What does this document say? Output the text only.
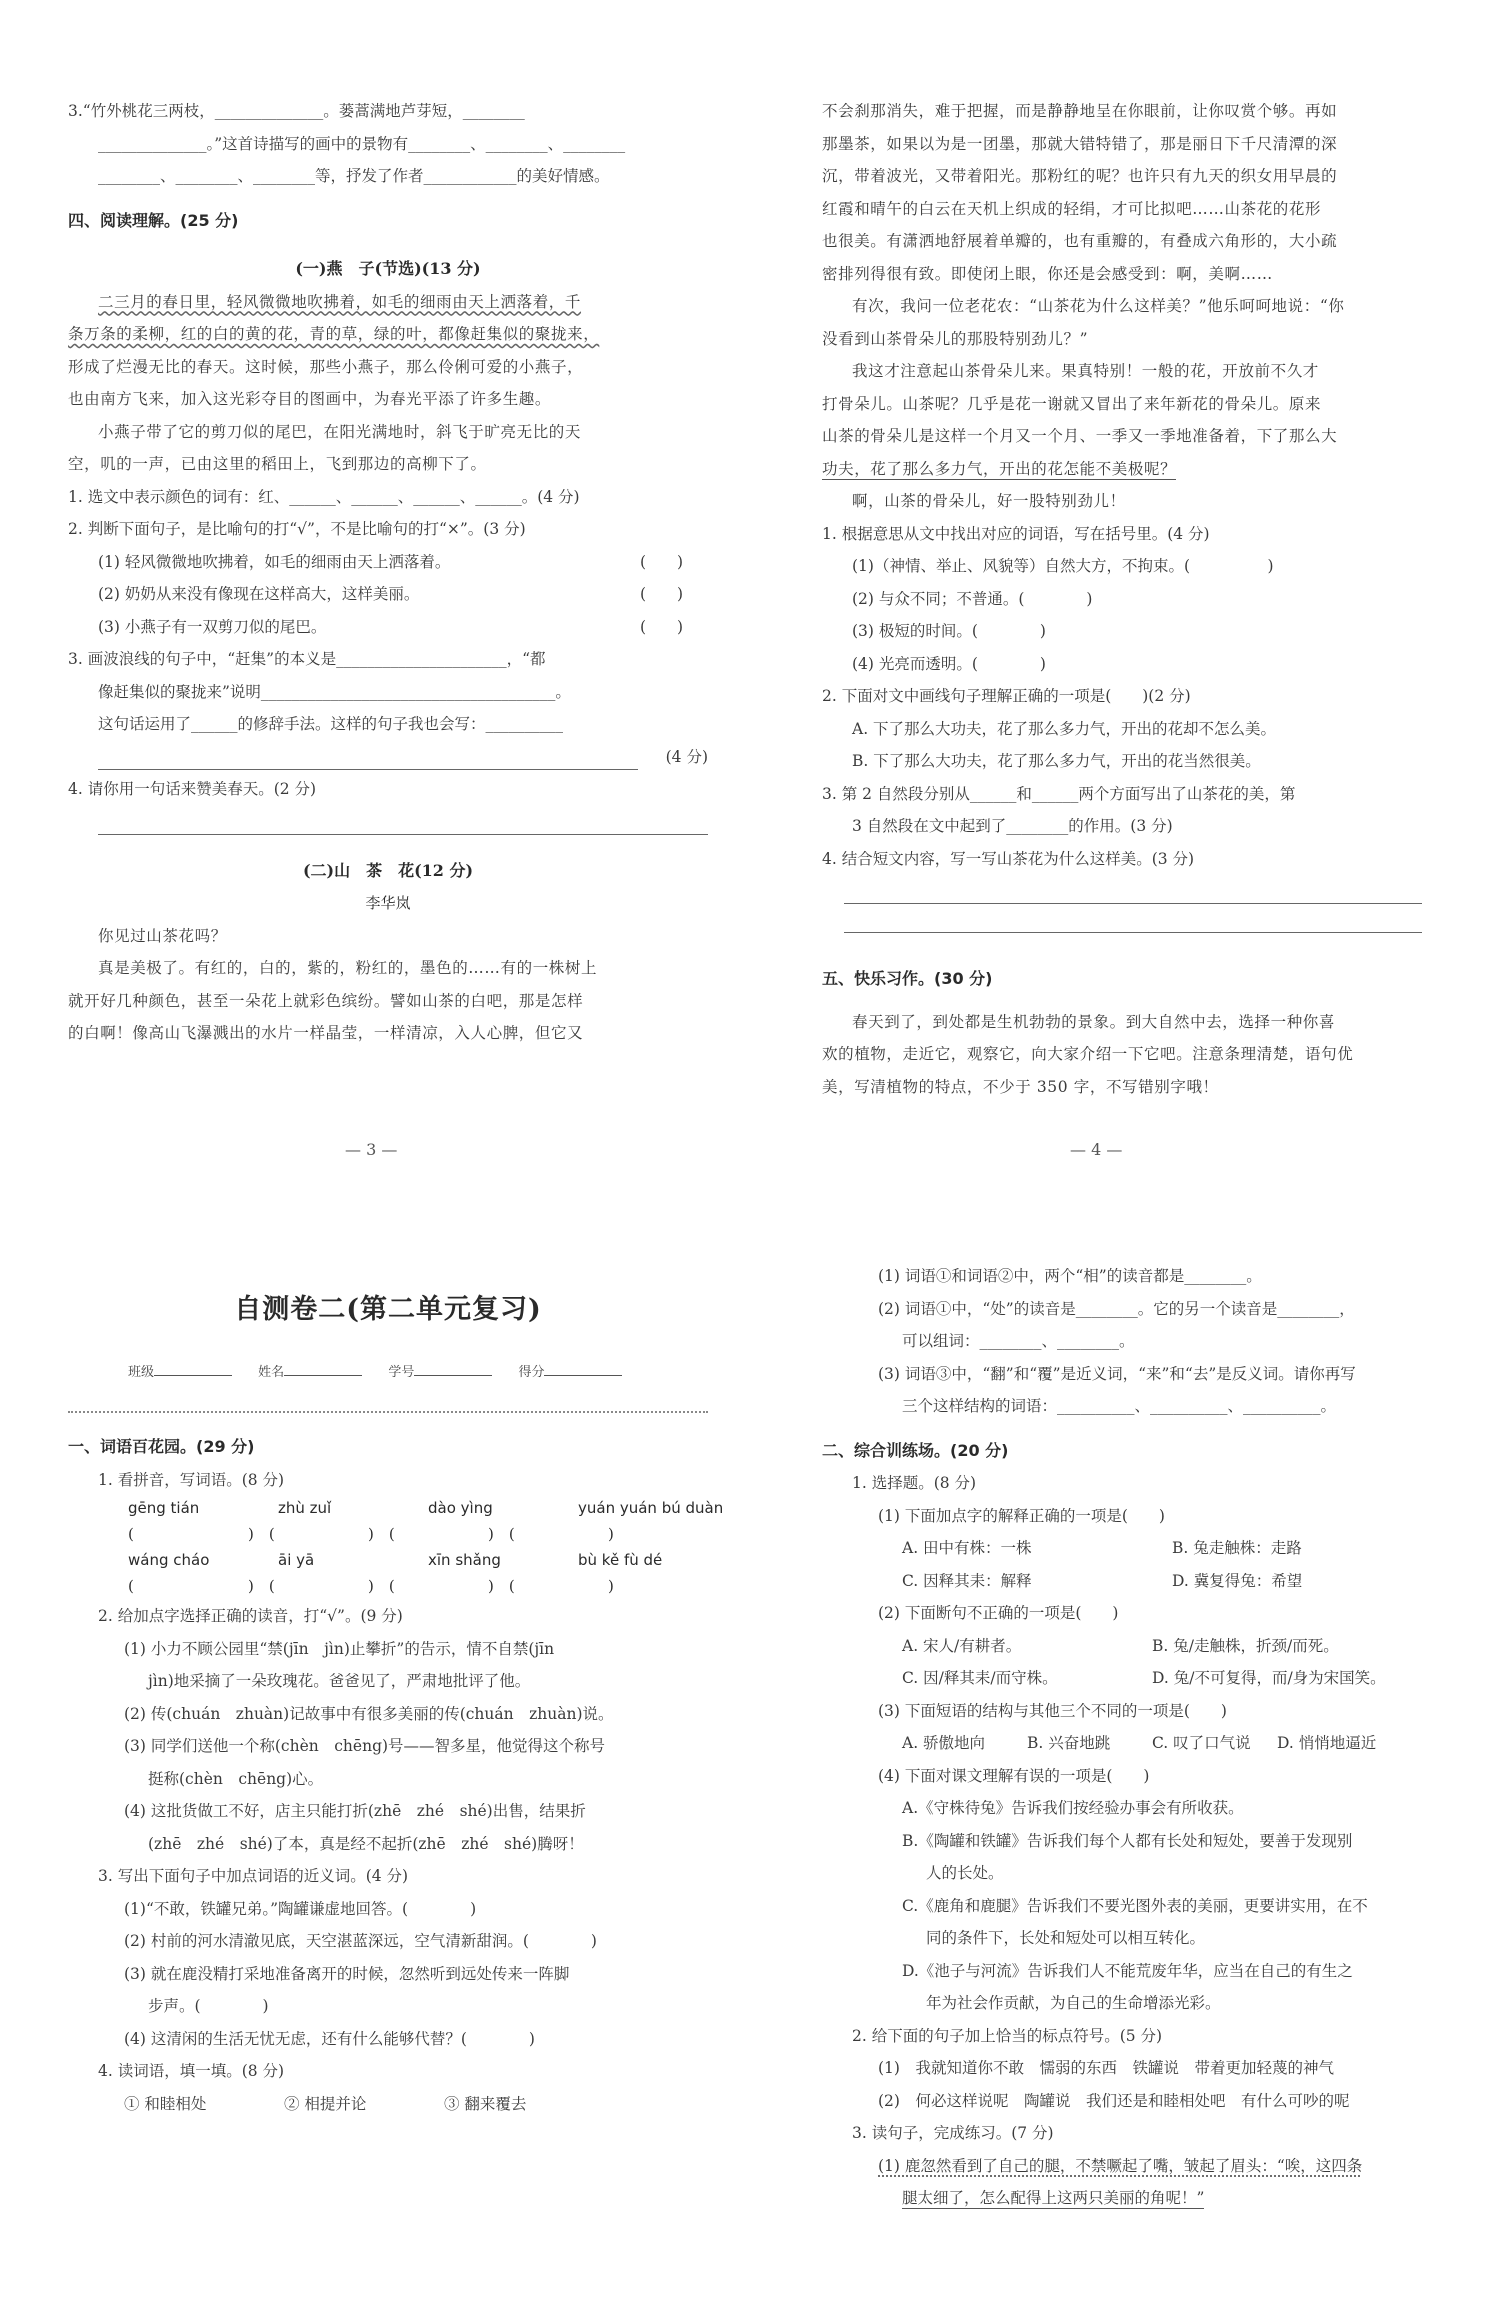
3.“竹外桃花三两枝，______________。蒌蒿满地芦芽短，________
______________。”这首诗描写的画中的景物有________、________、________
________、________、________等，抒发了作者____________的美好情感。
四、阅读理解。(25 分)
(一)燕　子(节选)(13 分)
二三月的春日里，轻风微微地吹拂着，如毛的细雨由天上洒落着，千
条万条的柔柳，红的白的黄的花，青的草，绿的叶，都像赶集似的聚拢来，
形成了烂漫无比的春天。这时候，那些小燕子，那么伶俐可爱的小燕子，
也由南方飞来，加入这光彩夺目的图画中，为春光平添了许多生趣。
小燕子带了它的剪刀似的尾巴，在阳光满地时，斜飞于旷亮无比的天
空，叽的一声，已由这里的稻田上，飞到那边的高柳下了。
1. 选文中表示颜色的词有：红、______、______、______、______。(4 分)
2. 判断下面句子，是比喻句的打“√”，不是比喻句的打“×”。(3 分)
(1) 轻风微微地吹拂着，如毛的细雨由天上洒落着。	(　　)
(2) 奶奶从来没有像现在这样高大，这样美丽。	(　　)
(3) 小燕子有一双剪刀似的尾巴。	(　　)
3. 画波浪线的句子中，“赶集”的本义是______________________，“都
像赶集似的聚拢来”说明______________________________________。
这句话运用了______的修辞手法。这样的句子我也会写：__________
(4 分)
4. 请你用一句话来赞美春天。(2 分)
(二)山　茶　花(12 分)
李华岚
你见过山茶花吗？
真是美极了。有红的，白的，紫的，粉红的，墨色的……有的一株树上
就开好几种颜色，甚至一朵花上就彩色缤纷。譬如山茶的白吧，那是怎样
的白啊！像高山飞瀑溅出的水片一样晶莹，一样清凉，入人心脾，但它又
— 3 —
不会刹那消失，难于把握，而是静静地呈在你眼前，让你叹赏个够。再如
那墨茶，如果以为是一团墨，那就大错特错了，那是丽日下千尺清潭的深
沉，带着波光，又带着阳光。那粉红的呢？也许只有九天的织女用早晨的
红霞和晴午的白云在天机上织成的轻绢，才可比拟吧……山茶花的花形
也很美。有潇洒地舒展着单瓣的，也有重瓣的，有叠成六角形的，大小疏
密排列得很有致。即使闭上眼，你还是会感受到：啊，美啊……
有次，我问一位老花农：“山茶花为什么这样美？”他乐呵呵地说：“你
没看到山茶骨朵儿的那股特别劲儿？”
我这才注意起山茶骨朵儿来。果真特别！一般的花，开放前不久才
打骨朵儿。山茶呢？几乎是花一谢就又冒出了来年新花的骨朵儿。原来
山茶的骨朵儿是这样一个月又一个月、一季又一季地准备着，下了那么大
功夫，花了那么多力气，开出的花怎能不美极呢？
啊，山茶的骨朵儿，好一股特别劲儿！
1. 根据意思从文中找出对应的词语，写在括号里。(4 分)
(1)（神情、举止、风貌等）自然大方，不拘束。(　　　　　)
(2) 与众不同；不普通。(　　　　)
(3) 极短的时间。(　　　　)
(4) 光亮而透明。(　　　　)
2. 下面对文中画线句子理解正确的一项是(　　)(2 分)
A. 下了那么大功夫，花了那么多力气，开出的花却不怎么美。
B. 下了那么大功夫，花了那么多力气，开出的花当然很美。
3. 第 2 自然段分别从______和______两个方面写出了山茶花的美，第
3 自然段在文中起到了________的作用。(3 分)
4. 结合短文内容，写一写山茶花为什么这样美。(3 分)
五、快乐习作。(30 分)
春天到了，到处都是生机勃勃的景象。到大自然中去，选择一种你喜
欢的植物，走近它，观察它，向大家介绍一下它吧。注意条理清楚，语句优
美，写清植物的特点，不少于 350 字，不写错别字哦！
— 4 —
自测卷二(第二单元复习)
班级	姓名	学号	得分
一、词语百花园。(29 分)
1. 看拼音，写词语。(8 分)
gēng tián	zhù zuǐ	dào yìng	yuán yuán bú duàn
(	)　(	)　(	)　(	)
wáng cháo	āi yā	xīn shǎng	bù kě fù dé
(	)　(	)　(	)　(	)
2. 给加点字选择正确的读音，打“√”。(9 分)
(1) 小力不顾公园里“禁(jīn　jìn)止攀折”的告示，情不自禁(jīn
jìn)地采摘了一朵玫瑰花。爸爸见了，严肃地批评了他。
(2) 传(chuán　zhuàn)记故事中有很多美丽的传(chuán　zhuàn)说。
(3) 同学们送他一个称(chèn　chēng)号——智多星，他觉得这个称号
挺称(chèn　chēng)心。
(4) 这批货做工不好，店主只能打折(zhē　zhé　shé)出售，结果折
(zhē　zhé　shé)了本，真是经不起折(zhē　zhé　shé)腾呀！
3. 写出下面句子中加点词语的近义词。(4 分)
(1)“不敢，铁罐兄弟。”陶罐谦虚地回答。(　　　　)
(2) 村前的河水清澈见底，天空湛蓝深远，空气清新甜润。(　　　　)
(3) 就在鹿没精打采地准备离开的时候，忽然听到远处传来一阵脚
步声。(　　　　)
(4) 这清闲的生活无忧无虑，还有什么能够代替？(　　　　)
4. 读词语，填一填。(8 分)
① 和睦相处	② 相提并论	③ 翻来覆去
(1) 词语①和词语②中，两个“相”的读音都是________。
(2) 词语①中，“处”的读音是________。它的另一个读音是________，
可以组词：________、________。
(3) 词语③中，“翻”和“覆”是近义词，“来”和“去”是反义词。请你再写
三个这样结构的词语：__________、__________、__________。
二、综合训练场。(20 分)
1. 选择题。(8 分)
(1) 下面加点字的解释正确的一项是(　　)
A. 田中有株：一株	B. 兔走触株：走路
C. 因释其耒：解释	D. 冀复得兔：希望
(2) 下面断句不正确的一项是(　　)
A. 宋人/有耕者。	B. 兔/走触株，折颈/而死。
C. 因/释其耒/而守株。	D. 兔/不可复得，而/身为宋国笑。
(3) 下面短语的结构与其他三个不同的一项是(　　)
A. 骄傲地向	B. 兴奋地跳	C. 叹了口气说 D. 悄悄地逼近
(4) 下面对课文理解有误的一项是(　　)
A.《守株待兔》告诉我们按经验办事会有所收获。
B.《陶罐和铁罐》告诉我们每个人都有长处和短处，要善于发现别
人的长处。
C.《鹿角和鹿腿》告诉我们不要光图外表的美丽，更要讲实用，在不
同的条件下，长处和短处可以相互转化。
D.《池子与河流》告诉我们人不能荒废年华，应当在自己的有生之
年为社会作贡献，为自己的生命增添光彩。
2. 给下面的句子加上恰当的标点符号。(5 分)
(1)　我就知道你不敢　懦弱的东西　铁罐说　带着更加轻蔑的神气
(2)　何必这样说呢　陶罐说　我们还是和睦相处吧　有什么可吵的呢
3. 读句子，完成练习。(7 分)
(1) 鹿忽然看到了自己的腿，不禁噘起了嘴，皱起了眉头：“唉，这四条
腿太细了，怎么配得上这两只美丽的角呢！”
